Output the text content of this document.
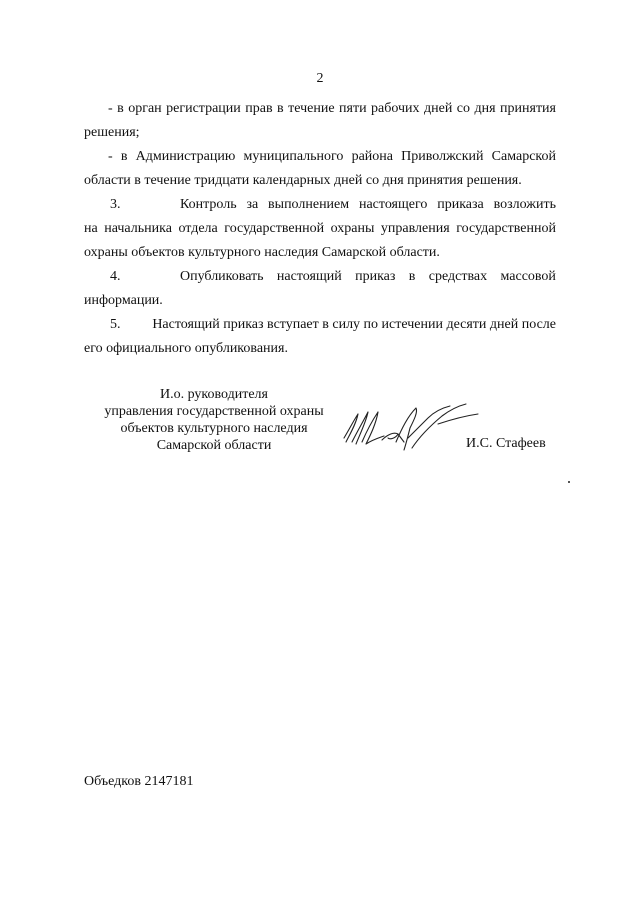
2

- в орган регистрации прав в течение пяти рабочих дней со дня принятия
решения;

- в Администрацию муниципального района Приволжский Самарской
области в течение тридцати календарных дней со дня принятия решения.

3.	Контроль за выполнением настоящего приказа возложить
на начальника отдела государственной охраны управления государственной
охраны объектов культурного наследия Самарской области.

4.	Опубликовать настоящий приказ в средствах массовой
информации.

5. Настоящий приказ вступает в силу по истечении десяти дней после
его официального опубликования.

И.о. руководителя
управления государственной охраны
объектов культурного наследия
Самарской области	И.С. Стафеев
Объедков 2147181
